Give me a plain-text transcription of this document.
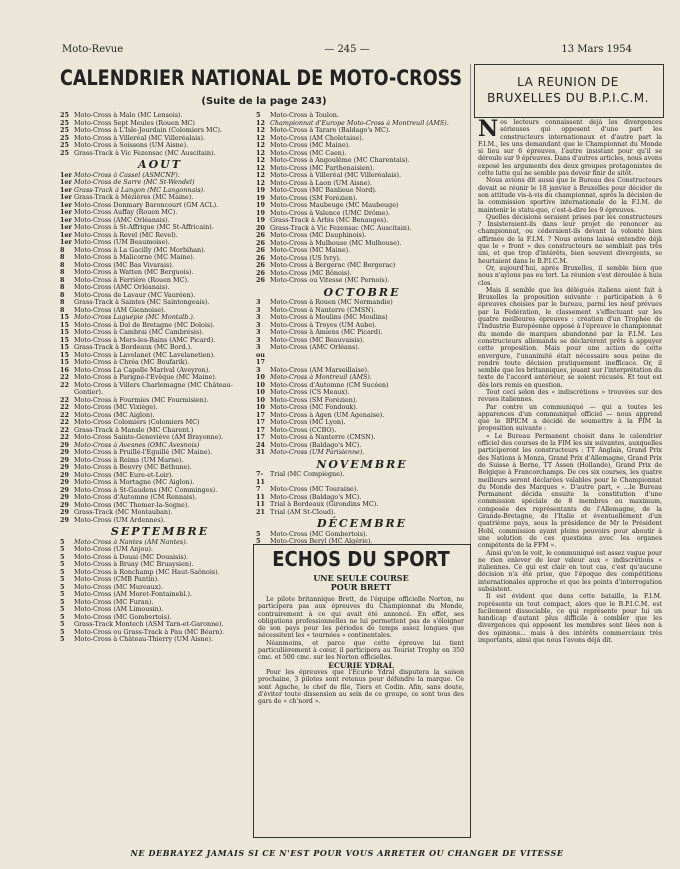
Moto-Revue	— 245 —	13 Mars 1954
CALENDRIER NATIONAL DE MOTO-CROSS
(Suite de la page 243)
25 Moto-Cross à Malo (MC Lensois).
25 Moto-Cross Sept Meules (Rouen MC)
25 Moto-Cross à L'Isle-Jourdain (Colomiers MC).
25 Moto-Cross à Villeréal (MC Villeréalais).
25 Moto-Cross à Soissons (UM Aisne).
25 Grass-Track à Vic Fezensac (MC Auscitain).
AOUT
1er Moto-Cross à Cassel (ASMCNF).
1er Moto-Cross de Sarre (MC St-Wendel)
1er Grass-Track à Langon (MC Langonnais).
1er Grass-Track à Mézières (MC Maine).
1er Moto-Cross Donmary Baroncourt (GM ACL).
1er Moto-Cross Auffay (Rouen MC).
1er Moto-Cross (AMC Orléanais).
1er Moto-Cross à St-Affrique (MC St-Affricain).
1er Moto-Cross à Revel (MC Revel).
1er Moto-Cross (UM Beaumoise).
8	Moto-Cross à La Gacilly (MC Morbihan).
8	Moto-Cross à Malicorne (MC Maine).
8	Moto-Cross (MC Bas Vivarais).
8	Moto-Cross à Watten (MC Berguois).
8	Moto-Cross à Ferrière (Rouen MC).
8	Moto-Cross (AMC Orléanais).
8	Moto-Cross de Lavaur (MC Vauréen).
8	Grass-Track à Saintes (MC Saintongeais).
8	Moto-Cross (AM Giennoise).
15 Moto-Cross Laguépie (MC Montalb.).
15 Moto-Cross à Dol de Bretagne (MC Dolois).
15 Moto-Cross à Cambrai (MC Cambrésis).
15 Moto-Cross à Mers-les-Bains (AMC Picard).
15 Grass-Track à Bordeaux (MC Bord.).
15 Moto-Cross à Lavelanet (MC Lavelanetien).
15 Moto-Cross à Chréa (MC Boufarik).
16 Moto-Cross La Capelle Marival (Aveyron).
22 Moto-Cross à Parigné-l'Evêque (MC Maine).
22 Moto-Cross à Villers Charlemagne (MC Château-Gontier).
22 Moto-Cross à Fourmies (MC Fourmisien).
22 Moto-Cross (MC Vixiège).
22 Moto-Cross (MC Aiglon).
22 Moto-Cross Colomiers (Colomiers MC)
22 Grass-Track à Mansle (MC Charent.)
22 Moto-Cross Sainte-Geneviève (AM Brayonne).
29 Moto-Cross à Avesnes (OMC Avesnois)
29 Moto-Cross à Pruillé-l'Eguillé (MC Maine).
29 Moto-Cross à Reims (UM Marne).
29 Moto-Cross à Beuvry (MC Béthune).
29 Moto-Cross (MC Eure-et-Loir).
29 Moto-Cross à Mortagne (MC Aiglon).
29 Moto-Cross à St-Gaudens (MC Comminges).
29 Moto-Cross d'Automne (CM Rennais).
29 Moto-Cross (MC Thomer-la-Sogne).
29 Grass-Track (MC Montauban).
29 Moto-Cross (UM Ardennes).
SEPTEMBRE
5	Moto-Cross à Nantes (AM Nantes).
5	Moto-Cross (UM Anjou).
5	Moto-Cross à Douai (MC Douaisis).
5	Moto-Cross à Bruay (MC Bruaysien).
5	Moto-Cross à Ronchamp (MC Haut-Saônois).
5	Moto-Cross (CMB Pantin).
5	Moto-Cross (MC Mureaux).
5	Moto-Cross (AM Moret-Fontainebl.).
5	Moto-Cross (MC Furan).
5	Moto-Cross (AM Limousin).
5	Moto-Cross (MC Gombertois).
5	Grass-Track Montech (ASM Tarn-et-Garonne).
5	Moto-Cross ou Grass-Track à Pau (MC Béarn).
5	Moto-Cross à Château-Thierry (UM Aisne).
5	Moto-Cross à Toulon.
12 Championnat d'Europe Moto-Cross à Montreuil (AMS).
12 Moto-Cross à Tarare (Baldago's MC).
12 Moto-Cross (AM Choletaise).
12 Moto-Cross (MC Maine).
12 Moto-Cross (MC Caen).
12 Moto-Cross à Angoulême (MC Charentais).
12 Moto-Cross (MC Parthenaisien).
12 Moto-Cross à Villeréal (MC Villeréalais).
12 Moto-Cross à Laon (UM Aisne).
19 Moto-Cross (MC Banlieue Nord).
19 Moto-Cross (SM Forézien).
19 Moto-Cross Maubeuge (MC Maubeuge)
19 Moto-Cross à Valence (UMC Drôme).
19 Grass-Track à Arbis (MC Benauges).
20 Grass-Track à Vic Fezensac (MC Auscitain).
26 Moto-Cross (MC Dauphinois).
26 Moto-Cross à Mulhouse (MC Mulhouse).
26 Moto-Cross (MC Maine).
26 Moto-Cross (US Ivry).
26 Moto-Cross à Bergerac (MC Bergerac)
26 Moto-Cross (MC Bônois).
26 Moto-Cross ou Vitesse (MC Pernois).
OCTOBRE
3	Moto-Cross à Rouen (MC Normandie)
3	Moto-Cross à Nanterre (CMSN).
3	Moto-Cross à Moulins (MC Moulins)
3	Moto-Cross à Troyes (UM Aube).
3	Moto-Cross à Amiens (MC Picard).
3	Moto-Cross (MC Beauvaisis).
3 ou 17
Moto-Cross (AMC Orléans).
3	Moto-Cross (AM Marseillaise).
10 Moto-Cross à Montreuil (AMS).
10 Moto-Cross d'Automne (CM Sucéen)
10 Moto-Cross (CS Meaux).
10 Moto-Cross (SM Forézien).
10 Moto-Cross (MC Fondouk).
17 Moto-Cross à Agen (UM Agenaise).
17 Moto-Cross (MC Lyon).
17 Moto-Cross (CCBO).
17 Moto-Cross à Nanterre (CMSN).
24 Moto-Cross (Baldago's MC).
31 Moto-Cross (UM Parisienne).
NOVEMBRE
7-11
Trial (MC Compiègne).
7	Moto-Cross (MC Touraine).
11 Moto-Cross (Baldago's MC).
11 Trial à Bordeaux (Girondins MC).
21 Trial (AM St-Cloud).
DÉCEMBRE
5	Moto-Cross (MC Gombertois).
5	Moto-Cross Beryl (MC Algérie).
LA REUNION DE
BRUXELLES DU B.P.I.C.M.
N os lecteurs connaissent déjà les divergences sérieuses qui opposent d'une part les constructeurs internationaux et d'autre part la F.I.M., les uns demandant que le Championnat du Monde si lieu sur 6 épreuves, l'autre insistant pour qu'il se déroule sur 9 épreuves. Dans d'autres articles, nous avons exposé les arguments des deux groupes protagonistes de cette lutte qui ne semble pas devoir finir de sitôt.

Nous avions dit aussi que le Bureau des Constructeurs devait se réunir le 18 janvier à Bruxelles pour décider de son attitude vis-à-vis du championnat, après la décision de la commission sportive internationale de la F.I.M. de maintenir le statu-quo, c'est-à-dire les 9 épreuves.

Quelles décisions seraient prises par les constructeurs ? Insisteraient-ils dans leur projet de renoncer au championnat, ou céderaient-ils devant la volonté bien affirmée de la F.I.M. ? Nous avions laissé entendre déjà que le « front » des constructeurs ne semblait pas très uni, et que trop d'intérêts, bien souvent divergents, se heurtaient dans le B.P.I.C.M.

Or, aujourd'hui, après Bruxelles, il semble bien que nous n'ayions pas eu tort. La réunion s'est déroulée à huis clos.

Mais il semble que les délégués italiens aient fait à Bruxelles la proposition suivante : participation à 6 épreuves choisies par le bureau, parmi les neuf prévues par la Fédération, le classement s'effectuant sur les quatre meilleures épreuves : création d'un Trophée de l'Industrie Européenne opposé à l'épreuve le championnat du monde de marques abandonné par la F.I.M. Les constructeurs allemands se déclarèrent prêts à appuyer cette proposition. Mais pour une action de cette envergure, l'unanimité était nécessaire sous peine de rendre toute décision pratiquement inefficace. Or, il semble que les britanniques, jouant sur l'interprétation du texte de l'accord antérieur, se soient récusés. Et tout est dès lors remis en question.

Tout ceci selon des « indiscrétions » trouvées sur des revues italiennes.

Par contre un communiqué — qui a toutes les apparences d'un communiqué officiel — nous apprend que le BPICM a décidé de soumettre à la FIM la proposition suivante :

« Le Bureau Permanent choisit dans le calendrier officiel des courses de la FIM les six suivantes, auxquelles participeront les constructeurs : TT Anglais, Grand Prix des Nations à Monza, Grand Prix d'Allemagne, Grand Prix de Suisse à Berne, TT Assen (Hollande), Grand Prix de Belgique à Francorchamps. De ces six courses, les quatre meilleurs seront déclarées valables pour le Championnat du Monde des Marques ». D'autre part, « ...le Bureau Permanent décida ensuite la constitution d'une commission spéciale de 8 membres au maximum, composée des représentants de l'Allemagne, de la Grande-Bretagne, de l'Italie et éventuellement d'un quatrième pays, sous la présidence de Mr le Président Hobl, commission ayant pleins pouvoirs pour aboutir à une solution de ces questions avec les organes compétents de la FFM ».

Ainsi qu'on le voit, le communiqué est assez vague pour ne rien enlever de leur valeur aux « indiscrétions » italiennes. Ce qui est clair en tout cas, c'est qu'aucune décision n'a été prise, que l'époque des compétitions internationales approche et que les points d'interrogation subsistent.

Il est évident que dans cette bataille, la F.I.M. représente un tout compact, alors que le B.P.I.C.M. est facilement dissociable, ce qui représente pour lui un handicap d'autant plus difficile à combler que les divergences qui opposent les membres sont liées non à des opinions... mais à des intérêts commerciaux très importants, ainsi que nous l'avons déjà dit.

ECHOS DU SPORT
UNE SEULE COURSE
POUR BRETT

Le pilote britannique Brett, de l'équipe officielle Norton, ne participera pas aux épreuves du Championnat du Monde, contrairement à ce qui avait été annoncé. En effet, ses obligations professionnelles ne lui permettent pas de s'éloigner de son pays pour les périodes de temps assez longues que nécessitent les « tournées » continentales.

Néanmoins, et parce que cette épreuve lui tient particulièrement à cœur, il participera au Tourist Trophy en 350 cmc. et 500 cmc. sur les Norton officielles.

ECURIE YDRAL

Pour les épreuves que l'Ecurie Ydral disputera la saison prochaine, 3 pilotes sont retenus pour défendre la marque. Ce sont Agache, le chef de file, Tiers et Codin. Afin, sans doute, d'éviter toute dissension au sein de ce groupe, ce sont tous des gars de « ch'nord ».

NE DEBRAYEZ JAMAIS SI CE N'EST POUR VOUS ARRETER OU CHANGER DE VITESSE
